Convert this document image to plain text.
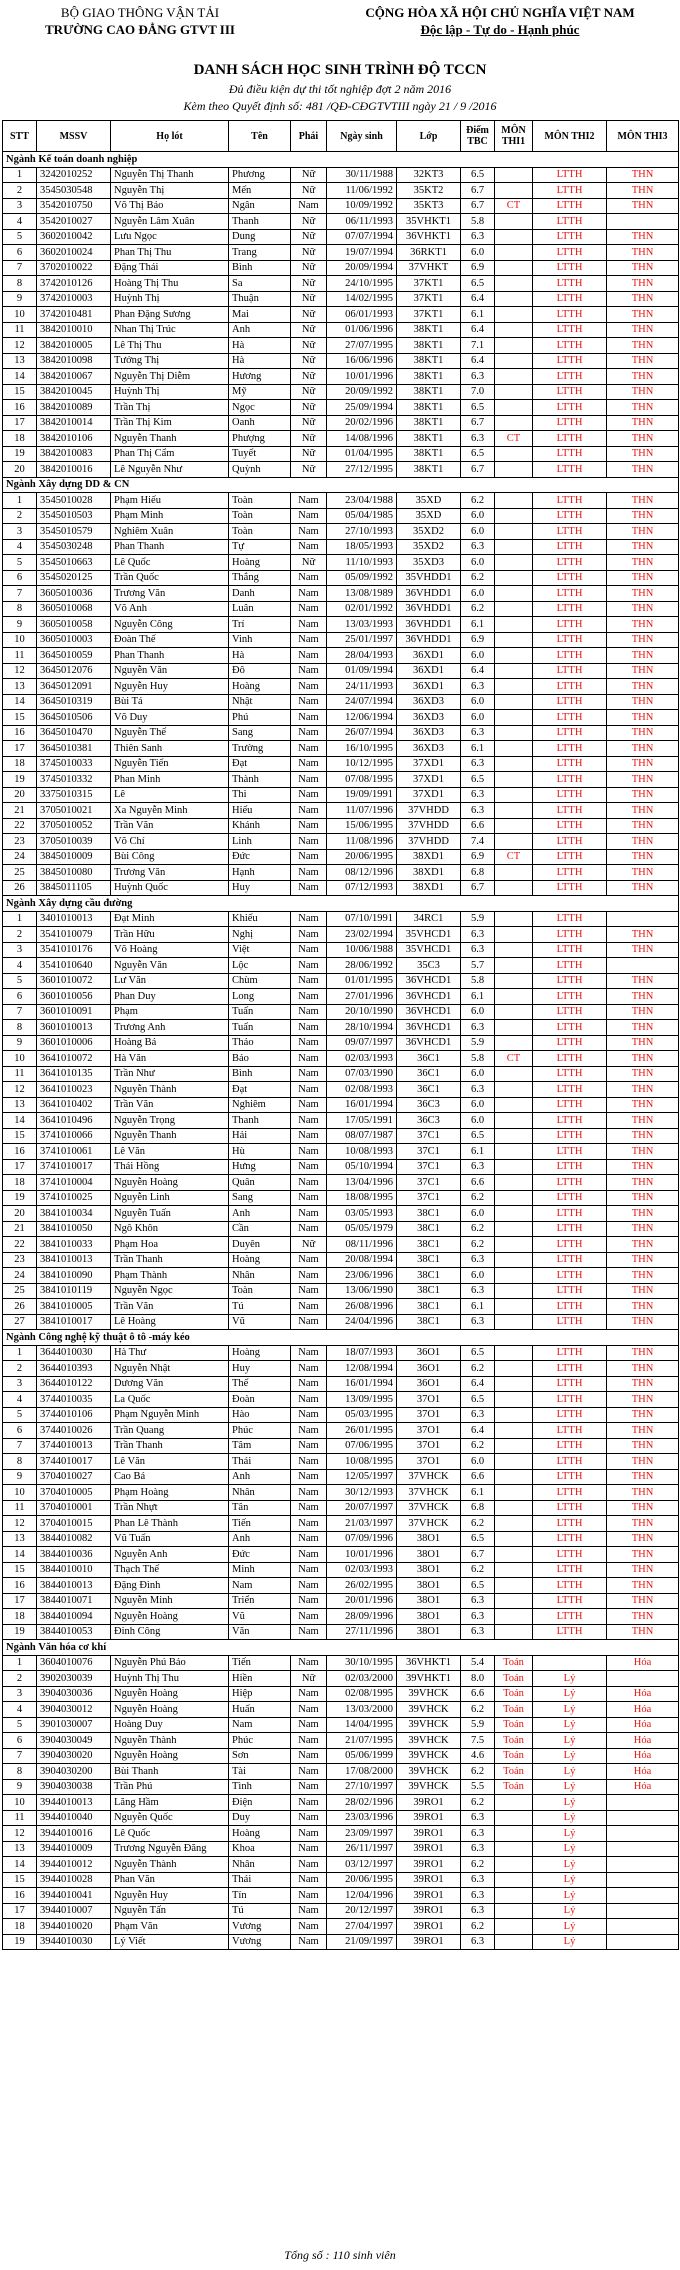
BỘ GIAO THÔNG VẬN TẢI
TRƯỜNG CAO ĐẲNG GTVT III
CỘNG HÒA XÃ HỘI CHỦ NGHĨA VIỆT NAM
Độc lập - Tự do - Hạnh phúc
DANH SÁCH HỌC SINH TRÌNH ĐỘ TCCN
Đủ điều kiện dự thi tốt nghiệp đợt 2 năm 2016
Kèm theo Quyết định số: 481 /QĐ-CĐGTVTIII ngày 21 / 9 /2016
STT	MSSV	Họ lót	Tên	Phái	Ngày sinh	Lớp	Điểm TBC	MÔN THI1	MÔN THI2	MÔN THI3
Ngành Kế toán doanh nghiệp										
1	3242010252	Nguyễn Thị Thanh	Phương	Nữ	30/11/1988	32KT3	6.5		LTTH	THN
2	3545030548	Nguyễn Thị	Mến	Nữ	11/06/1992	35KT2	6.7		LTTH	THN
3	3542010750	Võ Thị Bảo	Ngân	Nam	10/09/1992	35KT3	6.7	CT	LTTH	THN
4	3542010027	Nguyễn Lâm Xuân	Thanh	Nữ	06/11/1993	35VHKT1	5.8		LTTH	
5	3602010042	Lưu Ngọc	Dung	Nữ	07/07/1994	36VHKT1	6.3		LTTH	THN
6	3602010024	Phan Thị Thu	Trang	Nữ	19/07/1994	36RKT1	6.0		LTTH	THN
7	3702010022	Đặng Thái	Bình	Nữ	20/09/1994	37VHKT	6.9		LTTH	THN
8	3742010126	Hoàng Thị Thu	Sa	Nữ	24/10/1995	37KT1	6.5		LTTH	THN
9	3742010003	Huỳnh Thị	Thuận	Nữ	14/02/1995	37KT1	6.4		LTTH	THN
10	3742010481	Phan Đặng Sương	Mai	Nữ	06/01/1993	37KT1	6.1		LTTH	THN
11	3842010010	Nhan Thị Trúc	Anh	Nữ	01/06/1996	38KT1	6.4		LTTH	THN
12	3842010005	Lê Thị Thu	Hà	Nữ	27/07/1995	38KT1	7.1		LTTH	THN
13	3842010098	Tưởng Thị	Hà	Nữ	16/06/1996	38KT1	6.4		LTTH	THN
14	3842010067	Nguyễn Thị Diễm	Hương	Nữ	10/01/1996	38KT1	6.3		LTTH	THN
15	3842010045	Huỳnh Thị	Mỹ	Nữ	20/09/1992	38KT1	7.0		LTTH	THN
16	3842010089	Trần Thị	Ngọc	Nữ	25/09/1994	38KT1	6.5		LTTH	THN
17	3842010014	Trần Thị Kim	Oanh	Nữ	20/02/1996	38KT1	6.7		LTTH	THN
18	3842010106	Nguyễn Thanh	Phượng	Nữ	14/08/1996	38KT1	6.3	CT	LTTH	THN
19	3842010083	Phan Thị Cẩm	Tuyết	Nữ	01/04/1995	38KT1	6.5		LTTH	THN
20	3842010016	Lê Nguyễn Như	Quỳnh	Nữ	27/12/1995	38KT1	6.7		LTTH	THN
Ngành Xây dựng DD & CN										
1	3545010028	Phạm Hiếu	Toàn	Nam	23/04/1988	35XD	6.2		LTTH	THN
2	3545010503	Phạm Minh	Toàn	Nam	05/04/1985	35XD	6.0		LTTH	THN
3	3545010579	Nghiêm Xuân	Toàn	Nam	27/10/1993	35XD2	6.0		LTTH	THN
4	3545030248	Phan Thanh	Tự	Nam	18/05/1993	35XD2	6.3		LTTH	THN
5	3545010663	Lê Quốc	Hoàng	Nữ	11/10/1993	35XD3	6.0		LTTH	THN
6	3545020125	Trần Quốc	Thắng	Nam	05/09/1992	35VHDD1	6.2		LTTH	THN
7	3605010036	Trương Văn	Danh	Nam	13/08/1989	36VHDD1	6.0		LTTH	THN
8	3605010068	Võ Anh	Luân	Nam	02/01/1992	36VHDD1	6.2		LTTH	THN
9	3605010058	Nguyễn Công	Trí	Nam	13/03/1993	36VHDD1	6.1		LTTH	THN
10	3605010003	Đoàn Thế	Vinh	Nam	25/01/1997	36VHDD1	6.9		LTTH	THN
11	3645010059	Phan Thanh	Hà	Nam	28/04/1993	36XD1	6.0		LTTH	THN
12	3645012076	Nguyễn Văn	Đô	Nam	01/09/1994	36XD1	6.4		LTTH	THN
13	3645012091	Nguyễn Huy	Hoàng	Nam	24/11/1993	36XD1	6.3		LTTH	THN
14	3645010319	Bùi Tá	Nhật	Nam	24/07/1994	36XD3	6.0		LTTH	THN
15	3645010506	Võ Duy	Phú	Nam	12/06/1994	36XD3	6.0		LTTH	THN
16	3645010470	Nguyễn Thế	Sang	Nam	26/07/1994	36XD3	6.3		LTTH	THN
17	3645010381	Thiên Sanh	Trường	Nam	16/10/1995	36XD3	6.1		LTTH	THN
18	3745010033	Nguyễn Tiến	Đạt	Nam	10/12/1995	37XD1	6.3		LTTH	THN
19	3745010332	Phan Minh	Thành	Nam	07/08/1995	37XD1	6.5		LTTH	THN
20	3375010315	Lê	Thi	Nam	19/09/1991	37XD1	6.3		LTTH	THN
21	3705010021	Xa Nguyễn Minh	Hiếu	Nam	11/07/1996	37VHDD	6.3		LTTH	THN
22	3705010052	Trần Văn	Khánh	Nam	15/06/1995	37VHDD	6.6		LTTH	THN
23	3705010039	Võ Chí	Linh	Nam	11/08/1996	37VHDD	7.4		LTTH	THN
24	3845010009	Bùi Công	Đức	Nam	20/06/1995	38XD1	6.9	CT	LTTH	THN
25	3845010080	Trương Văn	Hạnh	Nam	08/12/1996	38XD1	6.8		LTTH	THN
26	3845011105	Huỳnh Quốc	Huy	Nam	07/12/1993	38XD1	6.7		LTTH	THN
Ngành Xây dựng cầu đường										
1	3401010013	Đạt Minh	Khiếu	Nam	07/10/1991	34RC1	5.9		LTTH	
2	3541010079	Trần Hữu	Nghị	Nam	23/02/1994	35VHCD1	6.3		LTTH	THN
3	3541010176	Võ Hoàng	Việt	Nam	10/06/1988	35VHCD1	6.3		LTTH	THN
4	3541010640	Nguyễn Văn	Lộc	Nam	28/06/1992	35C3	5.7		LTTH	
5	3601010072	Lư Văn	Chùm	Nam	01/01/1995	36VHCD1	5.8		LTTH	THN
6	3601010056	Phan Duy	Long	Nam	27/01/1996	36VHCD1	6.1		LTTH	THN
7	3601010091	Phạm	Tuấn	Nam	20/10/1990	36VHCD1	6.0		LTTH	THN
8	3601010013	Trương Anh	Tuấn	Nam	28/10/1994	36VHCD1	6.3		LTTH	THN
9	3601010006	Hoàng Bá	Thảo	Nam	09/07/1997	36VHCD1	5.9		LTTH	THN
10	3641010072	Hà Văn	Bảo	Nam	02/03/1993	36C1	5.8	CT	LTTH	THN
11	3641010135	Trần Như	Bình	Nam	07/03/1990	36C1	6.0		LTTH	THN
12	3641010023	Nguyễn Thành	Đạt	Nam	02/08/1993	36C1	6.3		LTTH	THN
13	3641010402	Trần Văn	Nghiêm	Nam	16/01/1994	36C3	6.0		LTTH	THN
14	3641010496	Nguyễn Trọng	Thanh	Nam	17/05/1991	36C3	6.0		LTTH	THN
15	3741010066	Nguyễn Thanh	Hải	Nam	08/07/1987	37C1	6.5		LTTH	THN
16	3741010061	Lê Văn	Hù	Nam	10/08/1993	37C1	6.1		LTTH	THN
17	3741010017	Thái Hồng	Hưng	Nam	05/10/1994	37C1	6.3		LTTH	THN
18	3741010004	Nguyễn Hoàng	Quân	Nam	13/04/1996	37C1	6.6		LTTH	THN
19	3741010025	Nguyễn Linh	Sang	Nam	18/08/1995	37C1	6.2		LTTH	THN
20	3841010034	Nguyễn Tuấn	Anh	Nam	03/05/1993	38C1	6.0		LTTH	THN
21	3841010050	Ngô Khôn	Cần	Nam	05/05/1979	38C1	6.2		LTTH	THN
22	3841010033	Phạm Hoa	Duyên	Nữ	08/11/1996	38C1	6.2		LTTH	THN
23	3841010013	Trần Thanh	Hoàng	Nam	20/08/1994	38C1	6.3		LTTH	THN
24	3841010090	Phạm Thành	Nhân	Nam	23/06/1996	38C1	6.0		LTTH	THN
25	3841010119	Nguyễn Ngọc	Toàn	Nam	13/06/1990	38C1	6.3		LTTH	THN
26	3841010005	Trần Văn	Tú	Nam	26/08/1996	38C1	6.1		LTTH	THN
27	3841010017	Lê Hoàng	Vũ	Nam	24/04/1996	38C1	6.3		LTTH	THN
Ngành Công nghệ kỹ thuật ô tô -máy kéo										
1	3644010030	Hà Thư	Hoàng	Nam	18/07/1993	36O1	6.5		LTTH	THN
2	3644010393	Nguyễn Nhật	Huy	Nam	12/08/1994	36O1	6.2		LTTH	THN
3	3644010122	Dương Văn	Thế	Nam	16/01/1994	36O1	6.4		LTTH	THN
4	3744010035	La Quốc	Đoàn	Nam	13/09/1995	37O1	6.5		LTTH	THN
5	3744010106	Phạm Nguyễn Minh	Hào	Nam	05/03/1995	37O1	6.3		LTTH	THN
6	3744010026	Trần Quang	Phúc	Nam	26/01/1995	37O1	6.4		LTTH	THN
7	3744010013	Trần Thanh	Tâm	Nam	07/06/1995	37O1	6.2		LTTH	THN
8	3744010017	Lê Văn	Thái	Nam	10/08/1995	37O1	6.0		LTTH	THN
9	3704010027	Cao Bá	Anh	Nam	12/05/1997	37VHCK	6.6		LTTH	THN
10	3704010005	Phạm Hoàng	Nhân	Nam	30/12/1993	37VHCK	6.1		LTTH	THN
11	3704010001	Trần Nhựt	Tân	Nam	20/07/1997	37VHCK	6.8		LTTH	THN
12	3704010015	Phan Lê Thành	Tiến	Nam	21/03/1997	37VHCK	6.2		LTTH	THN
13	3844010082	Vũ Tuấn	Anh	Nam	07/09/1996	38O1	6.5		LTTH	THN
14	3844010036	Nguyễn Anh	Đức	Nam	10/01/1996	38O1	6.7		LTTH	THN
15	3844010010	Thạch Thế	Minh	Nam	02/03/1993	38O1	6.2		LTTH	THN
16	3844010013	Đặng Đình	Nam	Nam	26/02/1995	38O1	6.5		LTTH	THN
17	3844010071	Nguyễn Minh	Triển	Nam	20/01/1996	38O1	6.3		LTTH	THN
18	3844010094	Nguyễn Hoàng	Vũ	Nam	28/09/1996	38O1	6.3		LTTH	THN
19	3844010053	Đinh Công	Văn	Nam	27/11/1996	38O1	6.3		LTTH	THN
Ngành Văn hóa cơ khí										
1	3604010076	Nguyễn Phú Bảo	Tiến	Nam	30/10/1995	36VHKT1	5.4	Toán		Hóa
2	3902030039	Huỳnh Thị Thu	Hiền	Nữ	02/03/2000	39VHKT1	8.0	Toán	Lý	
3	3904030036	Nguyễn Hoàng	Hiệp	Nam	02/08/1995	39VHCK	6.6	Toán	Lý	Hóa
4	3904030012	Nguyễn Hoàng	Huấn	Nam	13/03/2000	39VHCK	6.2	Toán	Lý	Hóa
5	3901030007	Hoàng Duy	Nam	Nam	14/04/1995	39VHCK	5.9	Toán	Lý	Hóa
6	3904030049	Nguyễn Thành	Phúc	Nam	21/07/1995	39VHCK	7.5	Toán	Lý	Hóa
7	3904030020	Nguyễn Hoàng	Sơn	Nam	05/06/1999	39VHCK	4.6	Toán	Lý	Hóa
8	3904030200	Bùi Thanh	Tài	Nam	17/08/2000	39VHCK	6.2	Toán	Lý	Hóa
9	3904030038	Trần Phú	Tình	Nam	27/10/1997	39VHCK	5.5	Toán	Lý	Hóa
10	3944010013	Lăng Hầm	Điện	Nam	28/02/1996	39RO1	6.2		Lý	
11	3944010040	Nguyễn Quốc	Duy	Nam	23/03/1996	39RO1	6.3		Lý	
12	3944010016	Lê Quốc	Hoàng	Nam	23/09/1997	39RO1	6.3		Lý	
13	3944010009	Trương Nguyễn Đăng	Khoa	Nam	26/11/1997	39RO1	6.3		Lý	
14	3944010012	Nguyễn Thành	Nhân	Nam	03/12/1997	39RO1	6.2		Lý	
15	3944010028	Phan Văn	Thái	Nam	20/06/1995	39RO1	6.3		Lý	
16	3944010041	Nguyễn Huy	Tín	Nam	12/04/1996	39RO1	6.3		Lý	
17	3944010007	Nguyễn Tấn	Tú	Nam	20/12/1997	39RO1	6.3		Lý	
18	3944010020	Phạm Văn	Vương	Nam	27/04/1997	39RO1	6.2		Lý	
19	3944010030	Lý Viết	Vương	Nam	21/09/1997	39RO1	6.3		Lý	
Tổng số : 110 sinh viên
